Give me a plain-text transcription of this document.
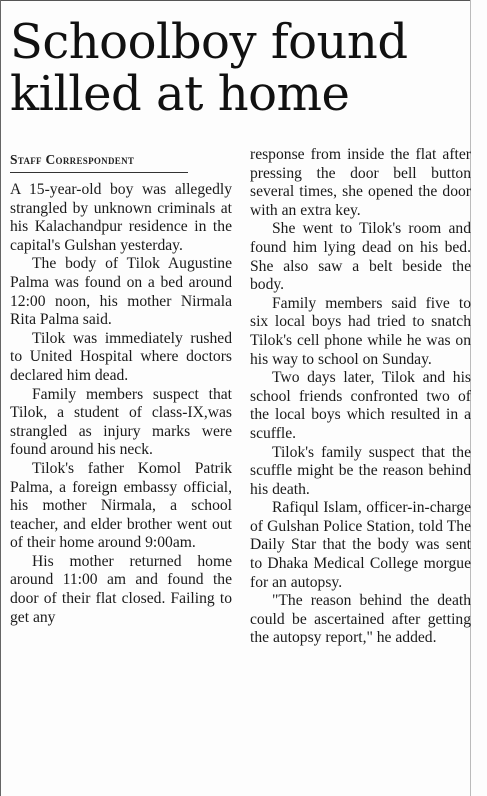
Schoolboy found killed at home
Staff Correspondent

A 15-year-old boy was allegedly strangled by unknown criminals at his Kalachandpur residence in the capital's Gulshan yesterday.

The body of Tilok Augustine Palma was found on a bed around 12:00 noon, his mother Nirmala Rita Palma said.

Tilok was immediately rushed to United Hospital where doctors declared him dead.

Family members suspect that Tilok, a student of class-IX,was strangled as injury marks were found around his neck.

Tilok's father Komol Patrik Palma, a foreign embassy official, his mother Nirmala, a school teacher, and elder brother went out of their home around 9:00am.

His mother returned home around 11:00 am and found the door of their flat closed. Failing to get any

response from inside the flat after pressing the door bell button several times, she opened the door with an extra key.

She went to Tilok's room and found him lying dead on his bed. She also saw a belt beside the body.

Family members said five to six local boys had tried to snatch Tilok's cell phone while he was on his way to school on Sunday.

Two days later, Tilok and his school friends confronted two of the local boys which resulted in a scuffle.

Tilok's family suspect that the scuffle might be the reason behind his death.

Rafiqul Islam, officer-in-charge of Gulshan Police Station, told The Daily Star that the body was sent to Dhaka Medical College morgue for an autopsy.

"The reason behind the death could be ascertained after getting the autopsy report," he added.
